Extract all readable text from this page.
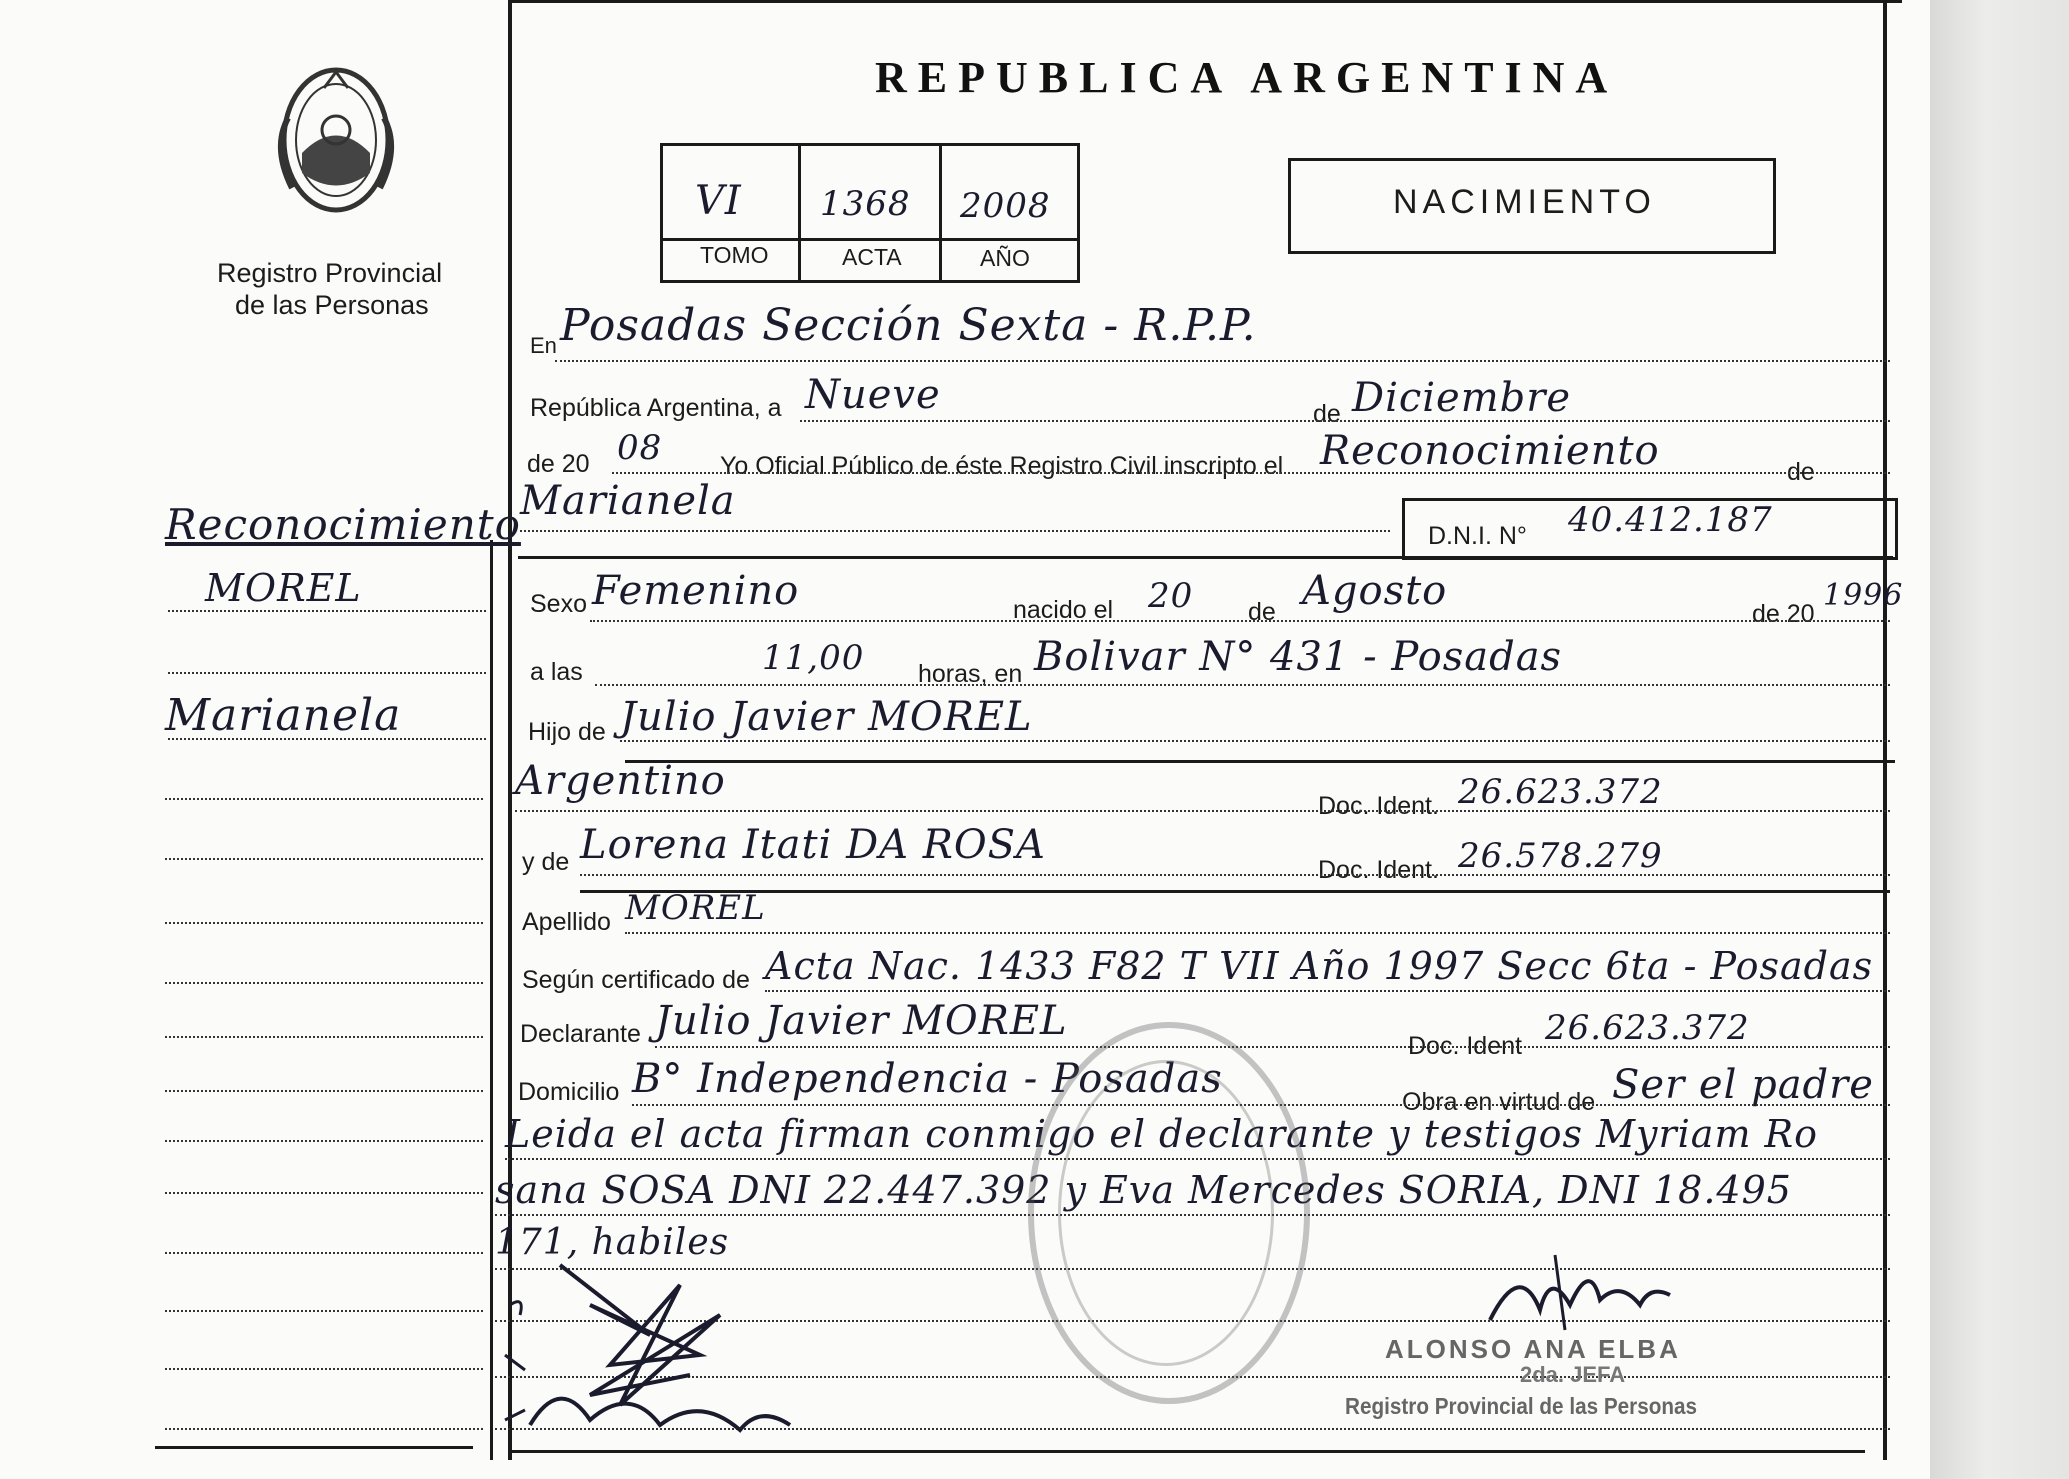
Registro Provincial
de las Personas
REPUBLICA ARGENTINA
VI 1368 2008
TOMO	ACTA	AÑO
NACIMIENTO
Reconocimiento
MOREL
Marianela
En Posadas Sección Sexta - R.P.P.
República Argentina, a Nueve	de Diciembre
de 20 08 Yo Oficial Público de éste Registro Civil inscripto el Reconocimiento	de
Marianela
D.N.I. N° 40.412.187
Sexo Femenino	nacido el 20 de Agosto	de 20
1996
a las	11,00 horas, en Bolivar N° 431 - Posadas
Hijo de Julio Javier MOREL
Argentino
Doc. Ident. 26.623.372
y de Lorena Itati DA ROSA
Doc. Ident. 26.578.279
Apellido MOREL
Según certificado de Acta Nac. 1433 F82 T VII Año 1997 Secc 6ta - Posadas
Declarante Julio Javier MOREL
Doc. Ident 26.623.372
Domicilio B° Independencia - Posadas	Obra en virtud de Ser el padre
Leida el acta firman conmigo el declarante y testigos Myriam Ro
sana SOSA DNI 22.447.392 y Eva Mercedes SORIA, DNI 18.495
171, habiles
ALONSO ANA ELBA
2da. JEFA
Registro Provincial de las Personas
